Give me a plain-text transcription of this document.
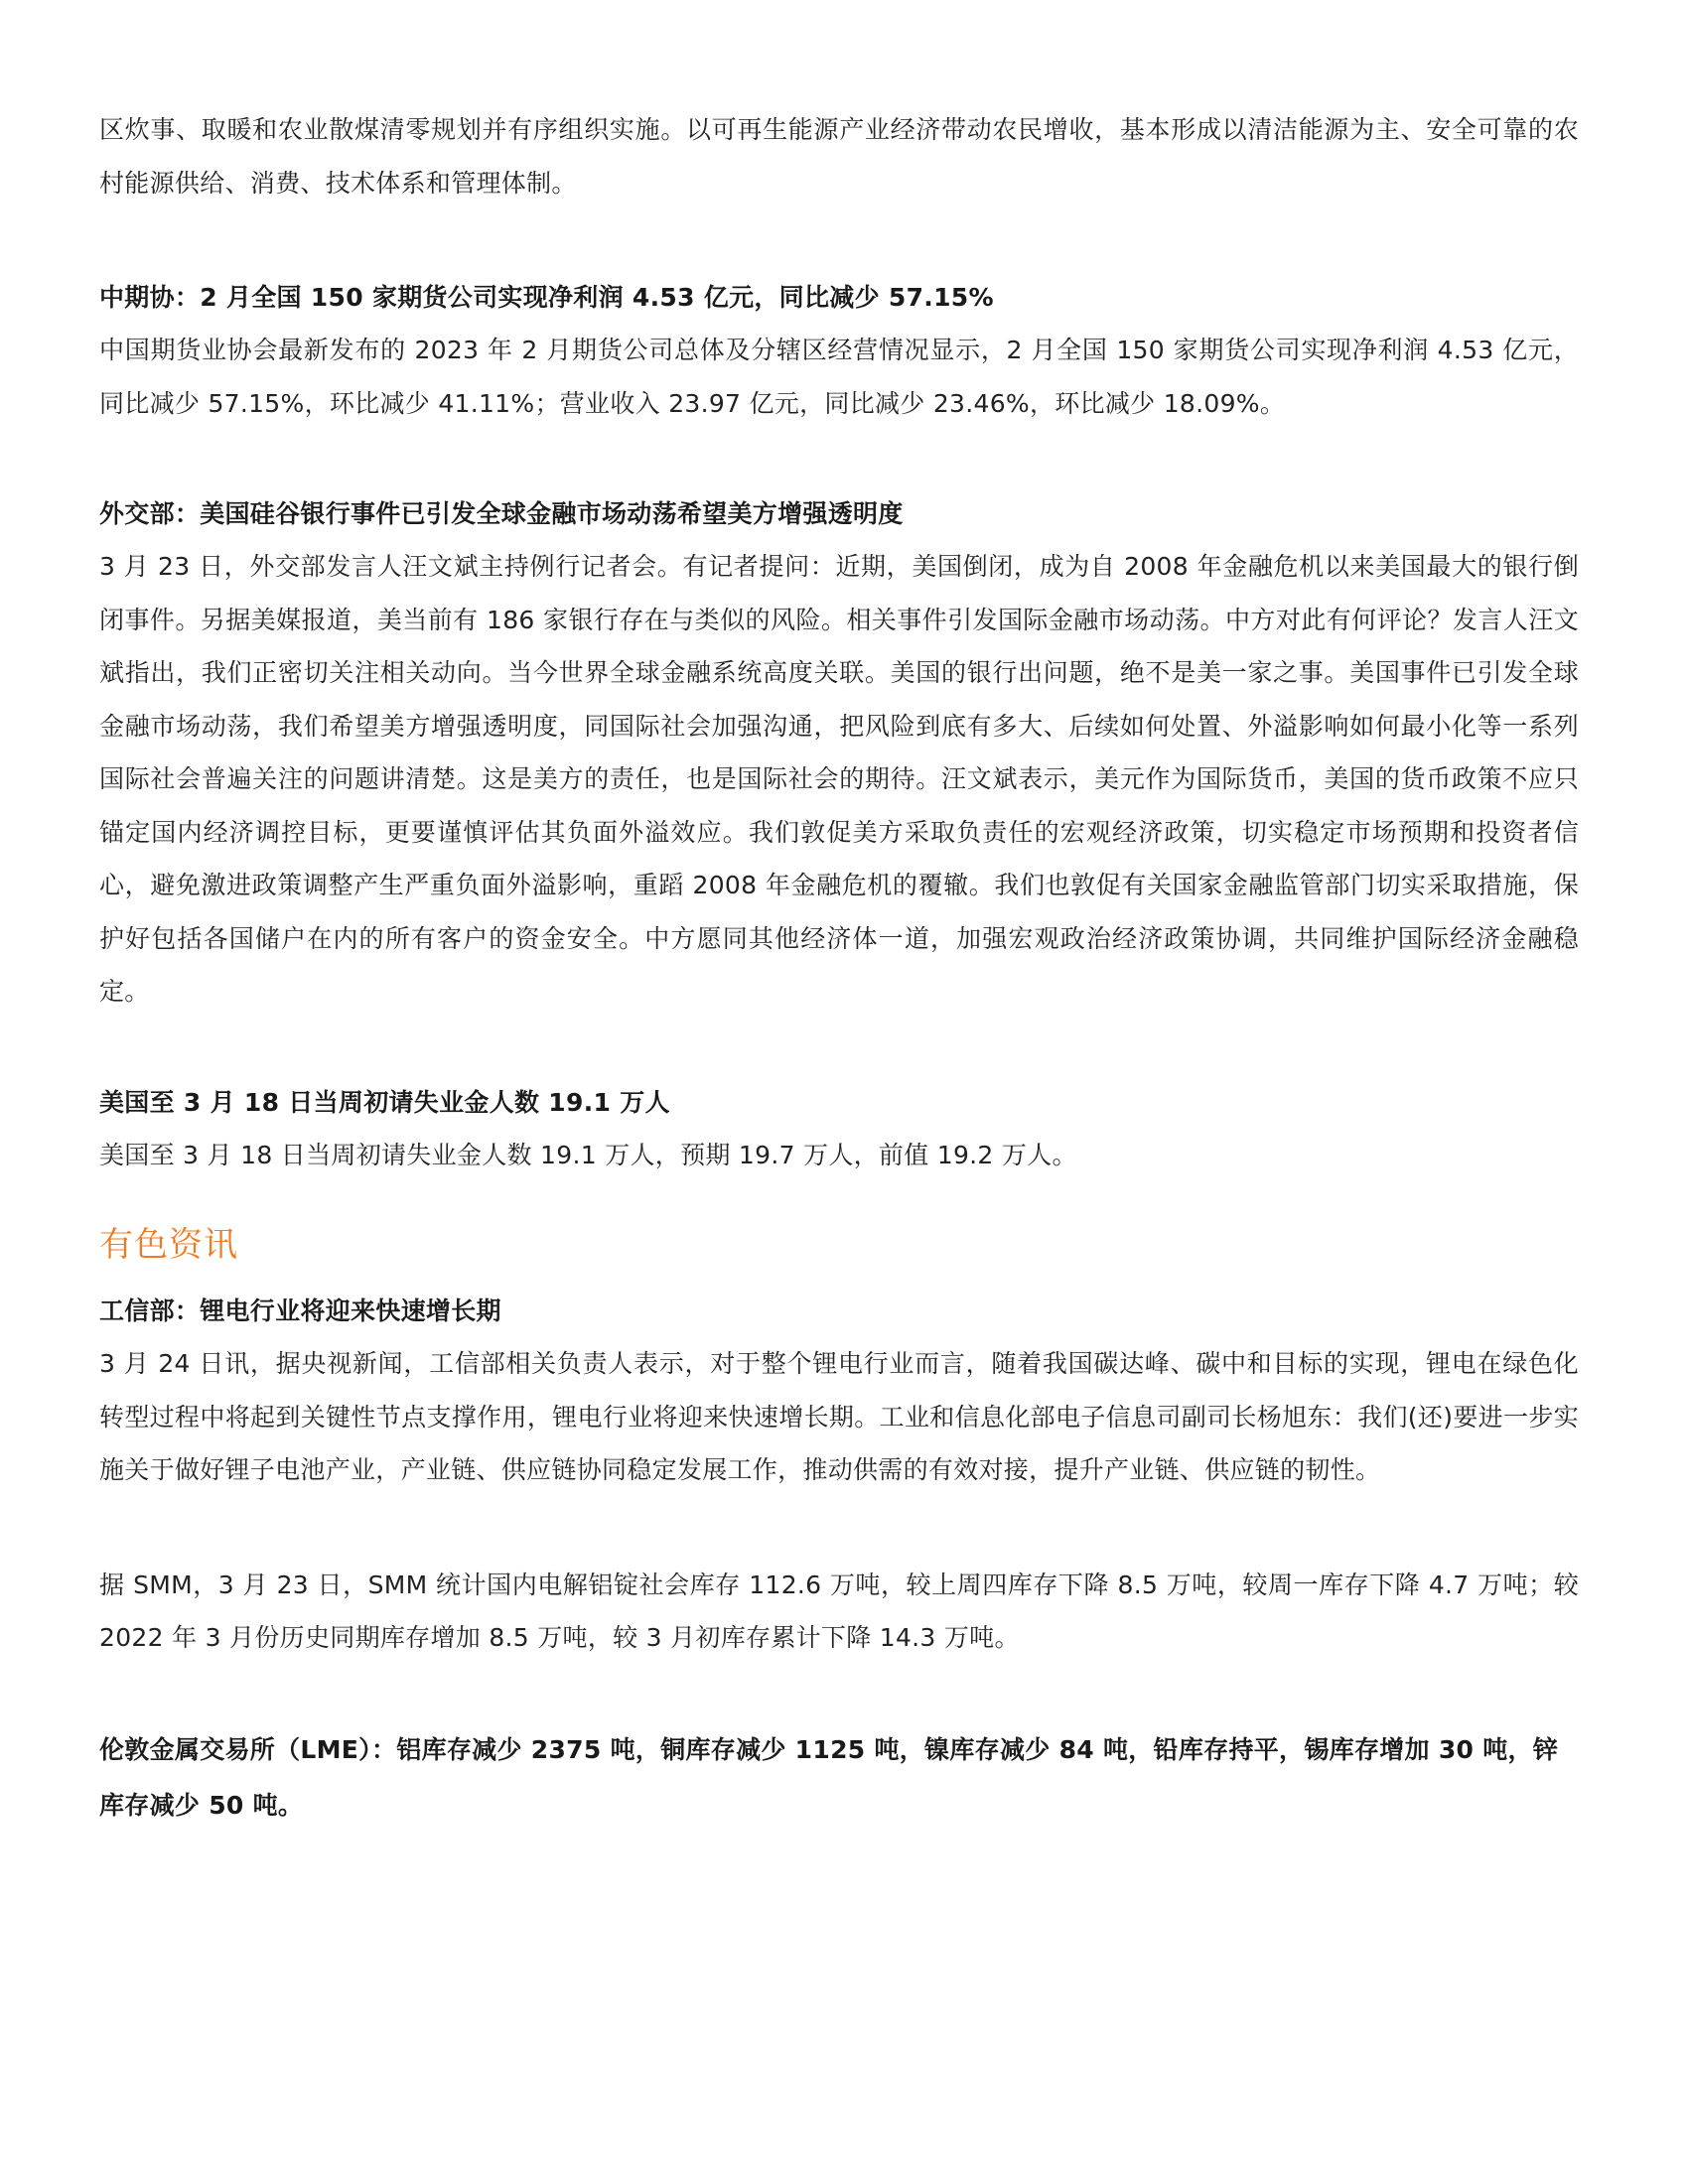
区炊事、取暖和农业散煤清零规划并有序组织实施。以可再生能源产业经济带动农民增收，基本形成以清洁能源为主、安全可靠的农村能源供给、消费、技术体系和管理体制。

中期协：2 月全国 150 家期货公司实现净利润 4.53 亿元，同比减少 57.15%

中国期货业协会最新发布的 2023 年 2 月期货公司总体及分辖区经营情况显示，2 月全国 150 家期货公司实现净利润 4.53 亿元，同比减少 57.15%，环比减少 41.11%；营业收入 23.97 亿元，同比减少 23.46%，环比减少 18.09%。

外交部：美国硅谷银行事件已引发全球金融市场动荡希望美方增强透明度

3 月 23 日，外交部发言人汪文斌主持例行记者会。有记者提问：近期，美国倒闭，成为自 2008 年金融危机以来美国最大的银行倒闭事件。另据美媒报道，美当前有 186 家银行存在与类似的风险。相关事件引发国际金融市场动荡。中方对此有何评论？发言人汪文斌指出，我们正密切关注相关动向。当今世界全球金融系统高度关联。美国的银行出问题，绝不是美一家之事。美国事件已引发全球金融市场动荡，我们希望美方增强透明度，同国际社会加强沟通，把风险到底有多大、后续如何处置、外溢影响如何最小化等一系列国际社会普遍关注的问题讲清楚。这是美方的责任，也是国际社会的期待。汪文斌表示，美元作为国际货币，美国的货币政策不应只锚定国内经济调控目标，更要谨慎评估其负面外溢效应。我们敦促美方采取负责任的宏观经济政策，切实稳定市场预期和投资者信心，避免激进政策调整产生严重负面外溢影响，重蹈 2008 年金融危机的覆辙。我们也敦促有关国家金融监管部门切实采取措施，保护好包括各国储户在内的所有客户的资金安全。中方愿同其他经济体一道，加强宏观政治经济政策协调，共同维护国际经济金融稳定。

美国至 3 月 18 日当周初请失业金人数 19.1 万人

美国至 3 月 18 日当周初请失业金人数 19.1 万人，预期 19.7 万人，前值 19.2 万人。

有色资讯

工信部：锂电行业将迎来快速增长期

3 月 24 日讯，据央视新闻，工信部相关负责人表示，对于整个锂电行业而言，随着我国碳达峰、碳中和目标的实现，锂电在绿色化转型过程中将起到关键性节点支撑作用，锂电行业将迎来快速增长期。工业和信息化部电子信息司副司长杨旭东：我们(还)要进一步实施关于做好锂子电池产业，产业链、供应链协同稳定发展工作，推动供需的有效对接，提升产业链、供应链的韧性。

据 SMM，3 月 23 日，SMM 统计国内电解铝锭社会库存 112.6 万吨，较上周四库存下降 8.5 万吨，较周一库存下降 4.7 万吨；较 2022 年 3 月份历史同期库存增加 8.5 万吨，较 3 月初库存累计下降 14.3 万吨。

伦敦金属交易所（LME）：铝库存减少 2375 吨，铜库存减少 1125 吨，镍库存减少 84 吨，铅库存持平，锡库存增加 30 吨，锌库存减少 50 吨。
